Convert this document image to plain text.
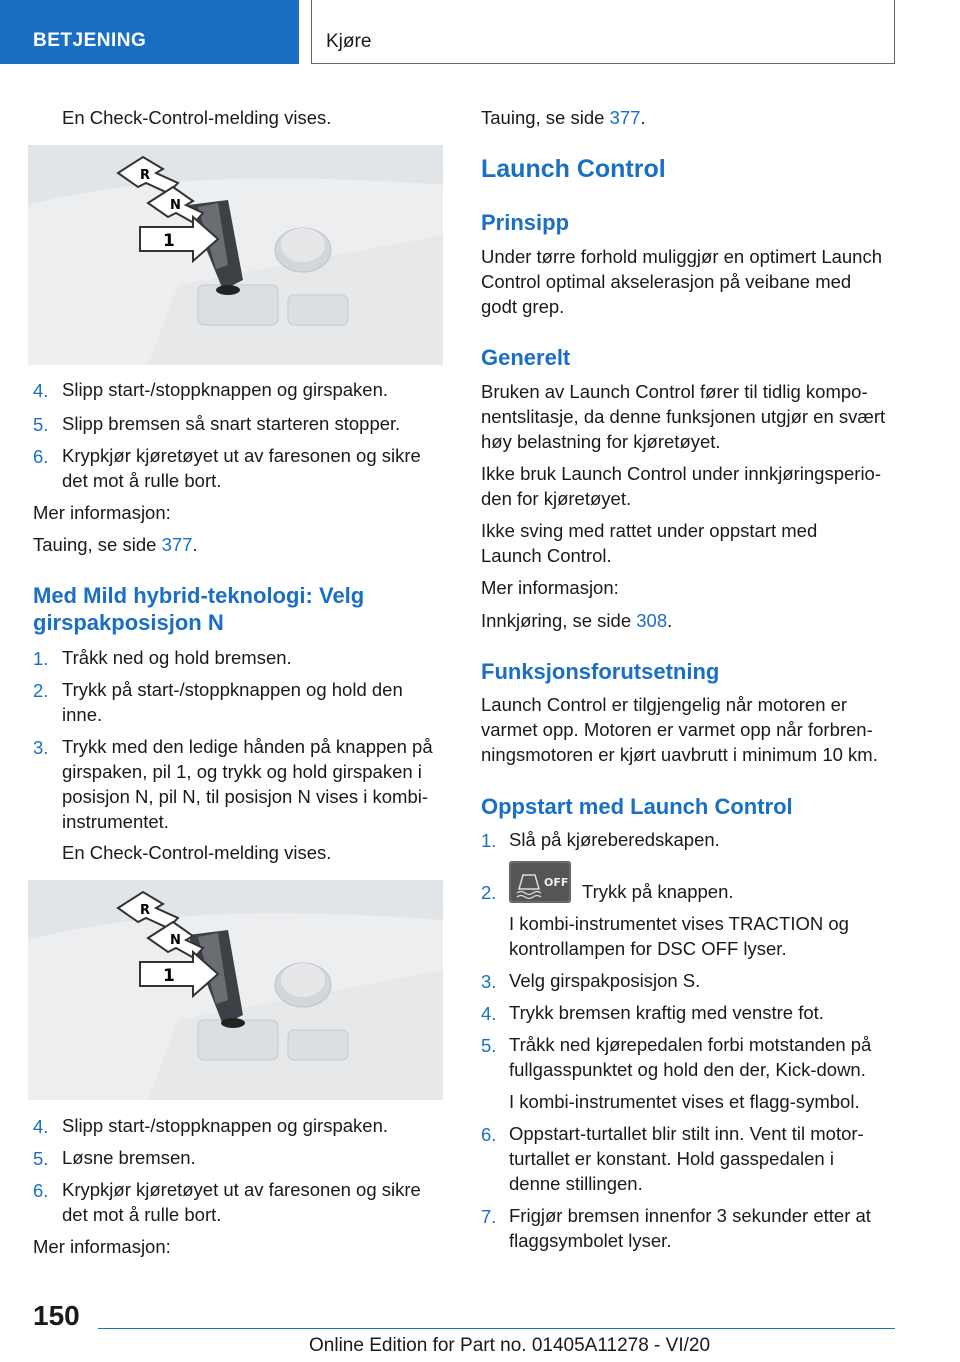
BETJENING	Kjøre
En Check-Control-melding vises.
R
N
1
4. Slipp start-/stoppknappen og girspaken.
5. Slipp bremsen så snart starteren stopper.
6. Krypkjør kjøretøyet ut av faresonen og sikre
det mot å rulle bort.
Mer informasjon:
Tauing, se side 377.
Med Mild hybrid-teknologi: Velg
girspakposisjon N
1. Tråkk ned og hold bremsen.
2. Trykk på start-/stoppknappen og hold den
inne.
3. Trykk med den ledige hånden på knappen på
girspaken, pil 1, og trykk og hold girspaken i
posisjon N, pil N, til posisjon N vises i kombi-
instrumentet.
En Check-Control-melding vises.
R
N
1
4. Slipp start-/stoppknappen og girspaken.
5. Løsne bremsen.
6. Krypkjør kjøretøyet ut av faresonen og sikre
det mot å rulle bort.
Mer informasjon:
Tauing, se side 377.
Launch Control
Prinsipp
Under tørre forhold muliggjør en optimert Launch
Control optimal akselerasjon på veibane med
godt grep.
Generelt
Bruken av Launch Control fører til tidlig kompo-
nentslitasje, da denne funksjonen utgjør en svært
høy belastning for kjøretøyet.
Ikke bruk Launch Control under innkjøringsperio-
den for kjøretøyet.
Ikke sving med rattet under oppstart med
Launch Control.
Mer informasjon:
Innkjøring, se side 308.
Funksjonsforutsetning
Launch Control er tilgjengelig når motoren er
varmet opp. Motoren er varmet opp når forbren-
ningsmotoren er kjørt uavbrutt i minimum 10 km.
Oppstart med Launch Control
1. Slå på kjøreberedskapen.
2.	OFF Trykk på knappen.
I kombi-instrumentet vises TRACTION og
kontrollampen for DSC OFF lyser.
3. Velg girspakposisjon S.
4. Trykk bremsen kraftig med venstre fot.
5. Tråkk ned kjørepedalen forbi motstanden på
fullgasspunktet og hold den der, Kick-down.
I kombi-instrumentet vises et flagg-symbol.
6. Oppstart-turtallet blir stilt inn. Vent til motor-
turtallet er konstant. Hold gasspedalen i
denne stillingen.
7. Frigjør bremsen innenfor 3 sekunder etter at
flaggsymbolet lyser.
150
Online Edition for Part no. 01405A11278 - VI/20
